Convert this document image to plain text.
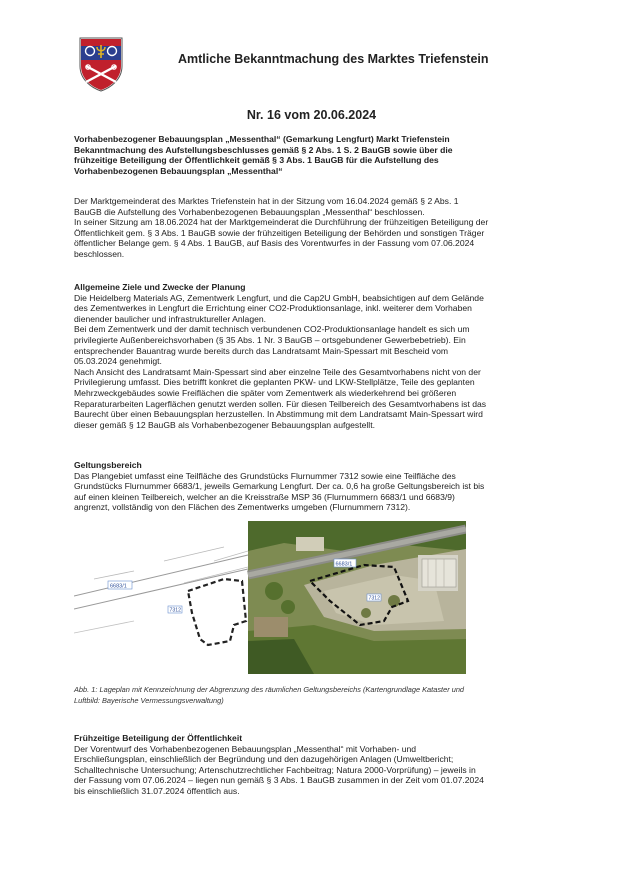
Amtliche Bekanntmachung des Marktes Triefenstein
Nr. 16 vom 20.06.2024

Vorhabenbezogener Bebauungsplan „Messenthal“ (Gemarkung Lengfurt) Markt Triefenstein

Bekanntmachung des Aufstellungsbeschlusses gemäß § 2 Abs. 1 S. 2 BauGB sowie über die

frühzeitige Beteiligung der Öffentlichkeit gemäß § 3 Abs. 1 BauGB für die Aufstellung des

Vorhabenbezogenen Bebauungsplan „Messenthal“

Der Marktgemeinderat des Marktes Triefenstein hat in der Sitzung vom 16.04.2024 gemäß § 2 Abs. 1

BauGB die Aufstellung des Vorhabenbezogenen Bebauungsplan „Messenthal“ beschlossen.

In seiner Sitzung am 18.06.2024 hat der Marktgemeinderat die Durchführung der frühzeitigen Beteiligung der

Öffentlichkeit gem. § 3 Abs. 1 BauGB sowie der frühzeitigen Beteiligung der Behörden und sonstigen Träger

öffentlicher Belange gem. § 4 Abs. 1 BauGB, auf Basis des Vorentwurfes in der Fassung vom 07.06.2024

beschlossen.

Allgemeine Ziele und Zwecke der Planung

Die Heidelberg Materials AG, Zementwerk Lengfurt, und die Cap2U GmbH, beabsichtigen auf dem Gelände

des Zementwerkes in Lengfurt die Errichtung einer CO2-Produktionsanlage, inkl. weiterer dem Vorhaben

dienender baulicher und infrastruktureller Anlagen.

Bei dem Zementwerk und der damit technisch verbundenen CO2-Produktionsanlage handelt es sich um

privilegierte Außenbereichsvorhaben (§ 35 Abs. 1 Nr. 3 BauGB – ortsgebundener Gewerbebetrieb). Ein

entsprechender Bauantrag wurde bereits durch das Landratsamt Main-Spessart mit Bescheid vom

05.03.2024 genehmigt.

Nach Ansicht des Landratsamt Main-Spessart sind aber einzelne Teile des Gesamtvorhabens nicht von der

Privilegierung umfasst. Dies betrifft konkret die geplanten PKW- und LKW-Stellplätze, Teile des geplanten

Mehrzweckgebäudes sowie Freiflächen die später vom Zementwerk als wiederkehrend bei größeren

Reparaturarbeiten Lagerflächen genutzt werden sollen. Für diesen Teilbereich des Gesamtvorhabens ist das

Baurecht über einen Bebauungsplan herzustellen. In Abstimmung mit dem Landratsamt Main-Spessart wird

dieser gemäß § 12 BauGB als Vorhabenbezogener Bebauungsplan aufgestellt.

Geltungsbereich

Das Plangebiet umfasst eine Teilfläche des Grundstücks Flurnummer 7312 sowie eine Teilfläche des

Grundstücks Flurnummer 6683/1, jeweils Gemarkung Lengfurt. Der ca. 0,6 ha große Geltungsbereich ist bis

auf einen kleinen Teilbereich, welcher an die Kreisstraße MSP 36 (Flurnummern 6683/1 und 6683/9)

angrenzt, vollständig von den Flächen des Zementwerks umgeben (Flurnummern 7312).

6683/1
7312
6683/1
7312
Abb. 1: Lageplan mit Kennzeichnung der Abgrenzung des räumlichen Geltungsbereichs (Kartengrundlage Kataster und
Luftbild: Bayerische Vermessungsverwaltung)

Frühzeitige Beteiligung der Öffentlichkeit

Der Vorentwurf des Vorhabenbezogenen Bebauungsplan „Messenthal“ mit Vorhaben- und

Erschließungsplan, einschließlich der Begründung und den dazugehörigen Anlagen (Umweltbericht;

Schalltechnische Untersuchung; Artenschutzrechtlicher Fachbeitrag; Natura 2000-Vorprüfung) – jeweils in

der Fassung vom 07.06.2024 – liegen nun gemäß § 3 Abs. 1 BauGB zusammen in der Zeit vom 01.07.2024

bis einschließlich 31.07.2024 öffentlich aus.
